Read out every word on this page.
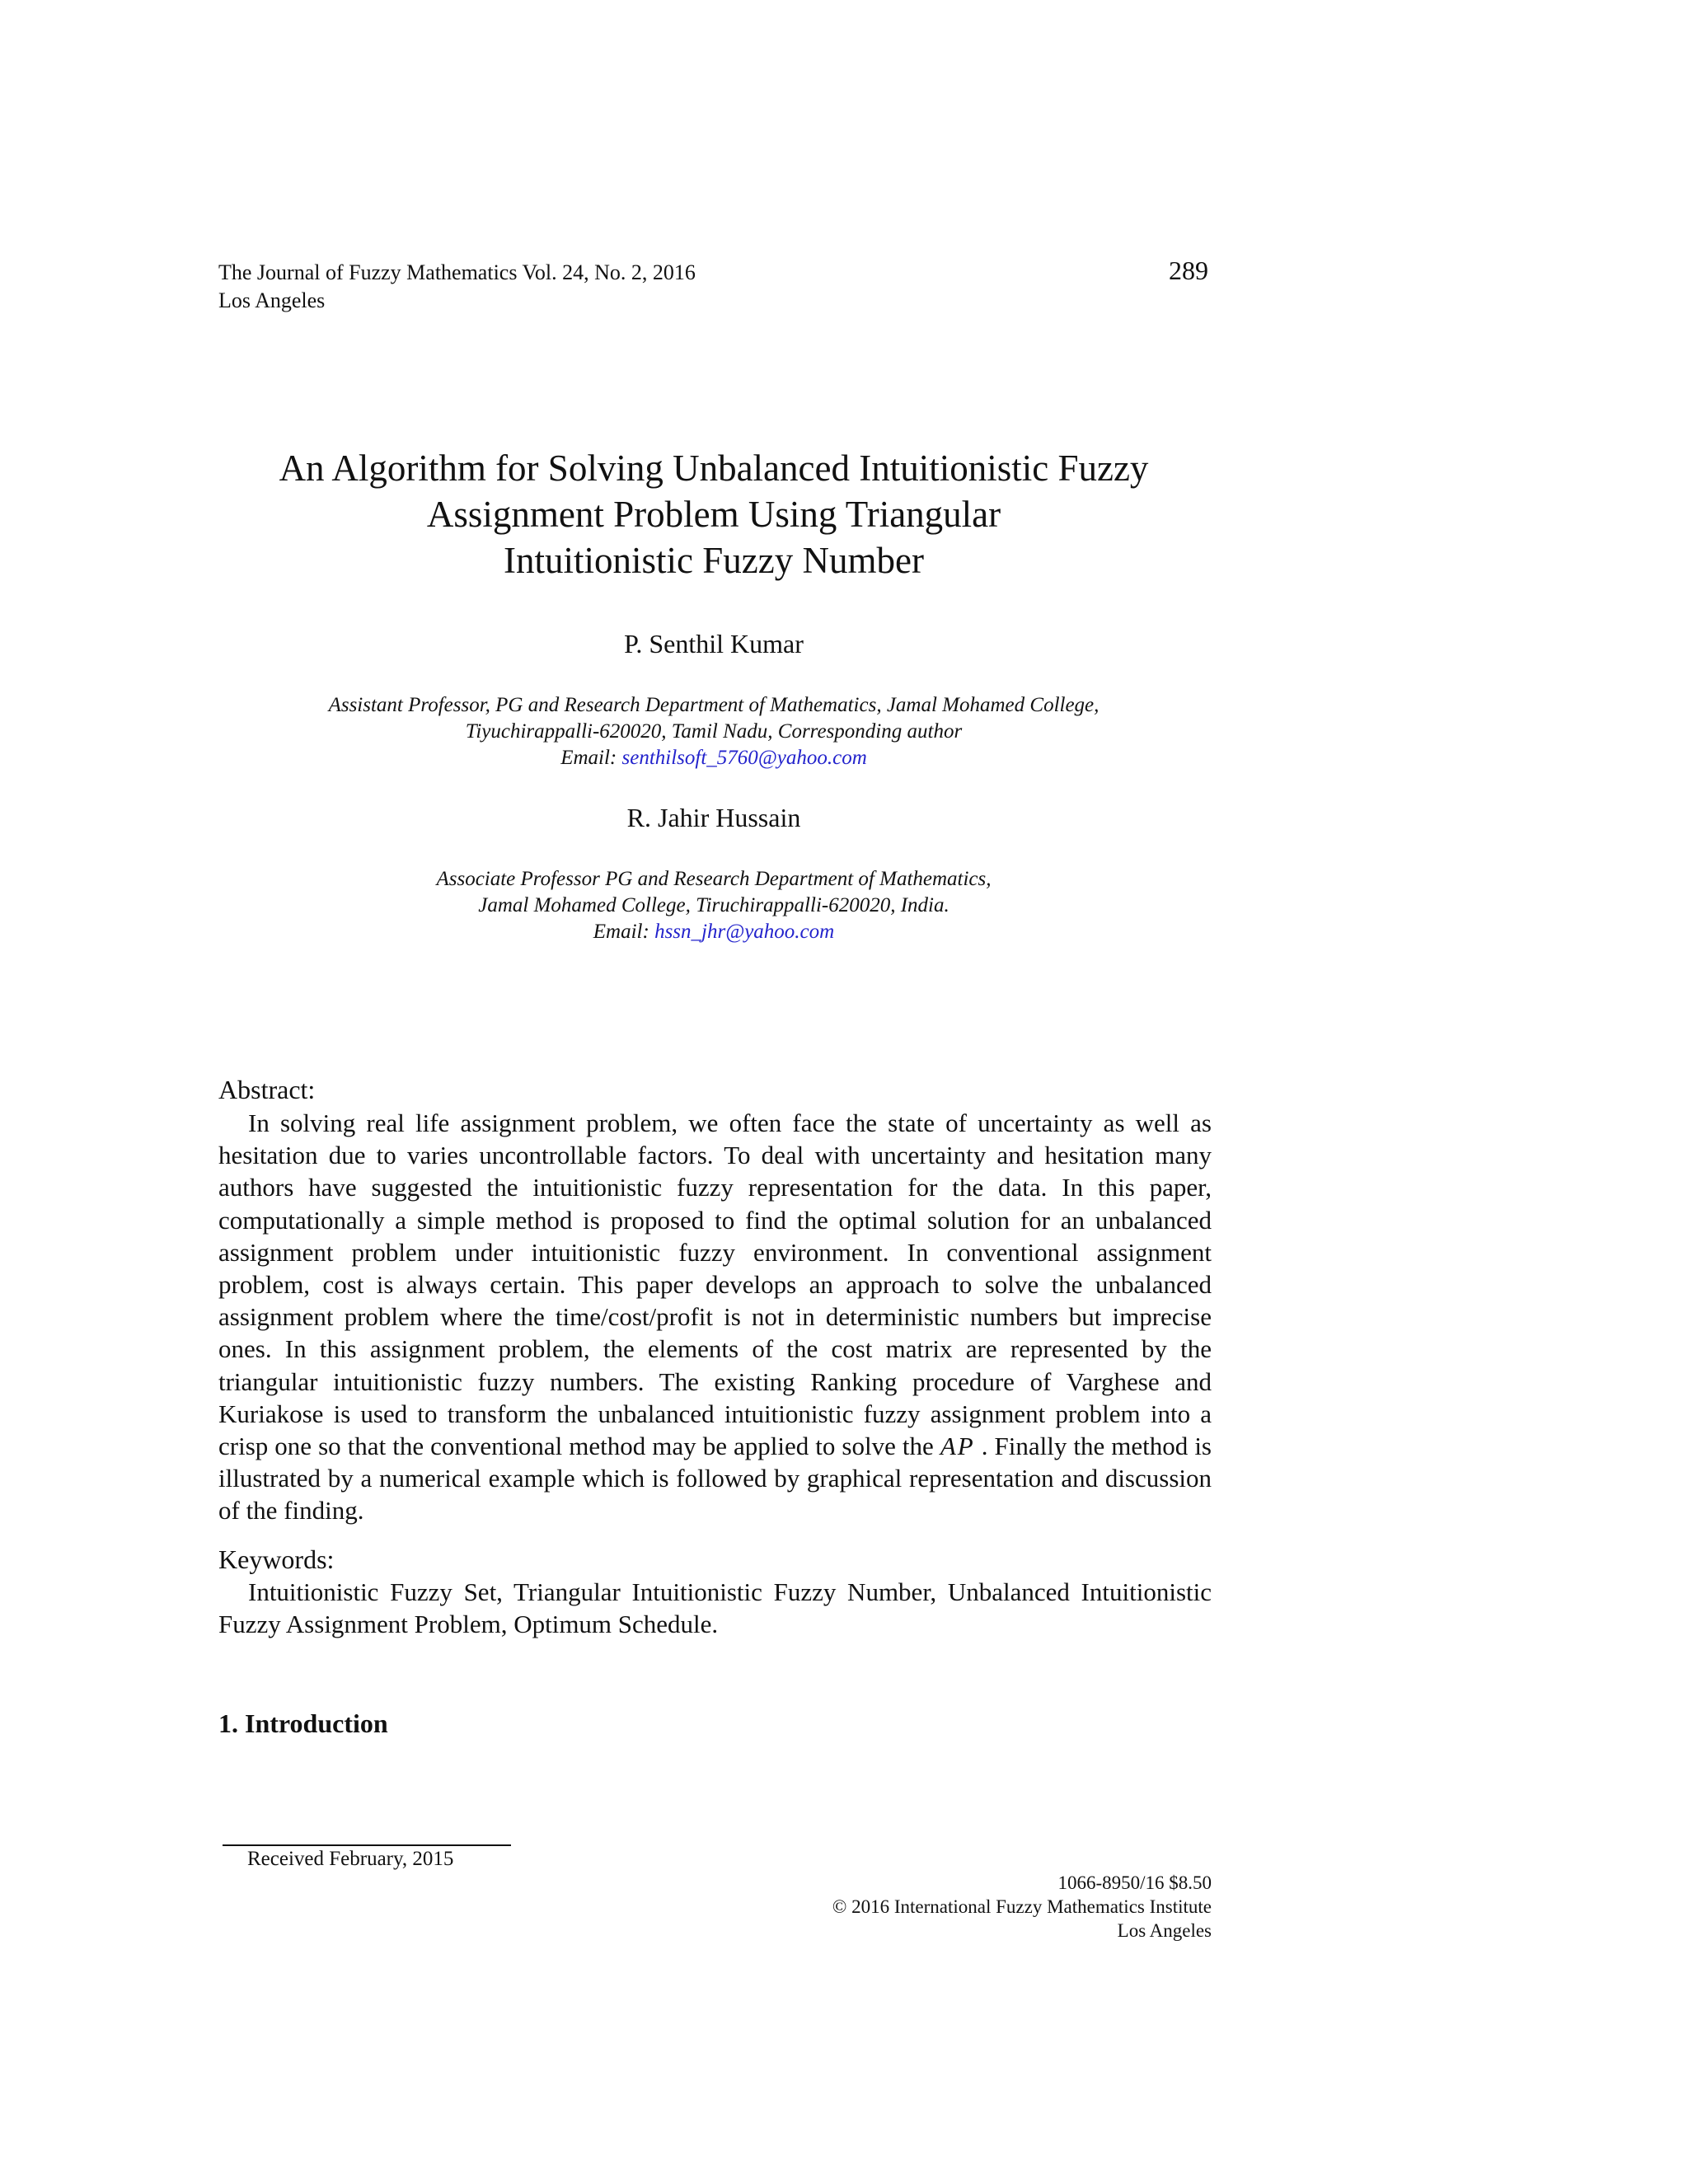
The Journal of Fuzzy Mathematics Vol. 24, No. 2, 2016
Los Angeles
289
An Algorithm for Solving Unbalanced Intuitionistic Fuzzy
Assignment Problem Using Triangular
Intuitionistic Fuzzy Number
P. Senthil Kumar
Assistant Professor, PG and Research Department of Mathematics, Jamal Mohamed College,
Tiyuchirappalli-620020, Tamil Nadu, Corresponding author
Email: senthilsoft_5760@yahoo.com
R. Jahir Hussain
Associate Professor PG and Research Department of Mathematics,
Jamal Mohamed College, Tiruchirappalli-620020, India.
Email: hssn_jhr@yahoo.com
Abstract:
In solving real life assignment problem, we often face the state of uncertainty as well as hesitation due to varies uncontrollable factors. To deal with uncertainty and hesitation many authors have suggested the intuitionistic fuzzy representation for the data. In this paper, computationally a simple method is proposed to find the optimal solution for an unbalanced assignment problem under intuitionistic fuzzy environment. In conventional assignment problem, cost is always certain. This paper develops an approach to solve the unbalanced assignment problem where the time/cost/profit is not in deterministic numbers but imprecise ones. In this assignment problem, the elements of the cost matrix are represented by the triangular intuitionistic fuzzy numbers. The existing Ranking procedure of Varghese and Kuriakose is used to transform the unbalanced intuitionistic fuzzy assignment problem into a crisp one so that the conventional method may be applied to solve the AP . Finally the method is illustrated by a numerical example which is followed by graphical representation and discussion of the finding.
Keywords:
Intuitionistic Fuzzy Set, Triangular Intuitionistic Fuzzy Number, Unbalanced Intuitionistic Fuzzy Assignment Problem, Optimum Schedule.
1. Introduction
Received February, 2015
1066-8950/16 $8.50
© 2016 International Fuzzy Mathematics Institute
Los Angeles
